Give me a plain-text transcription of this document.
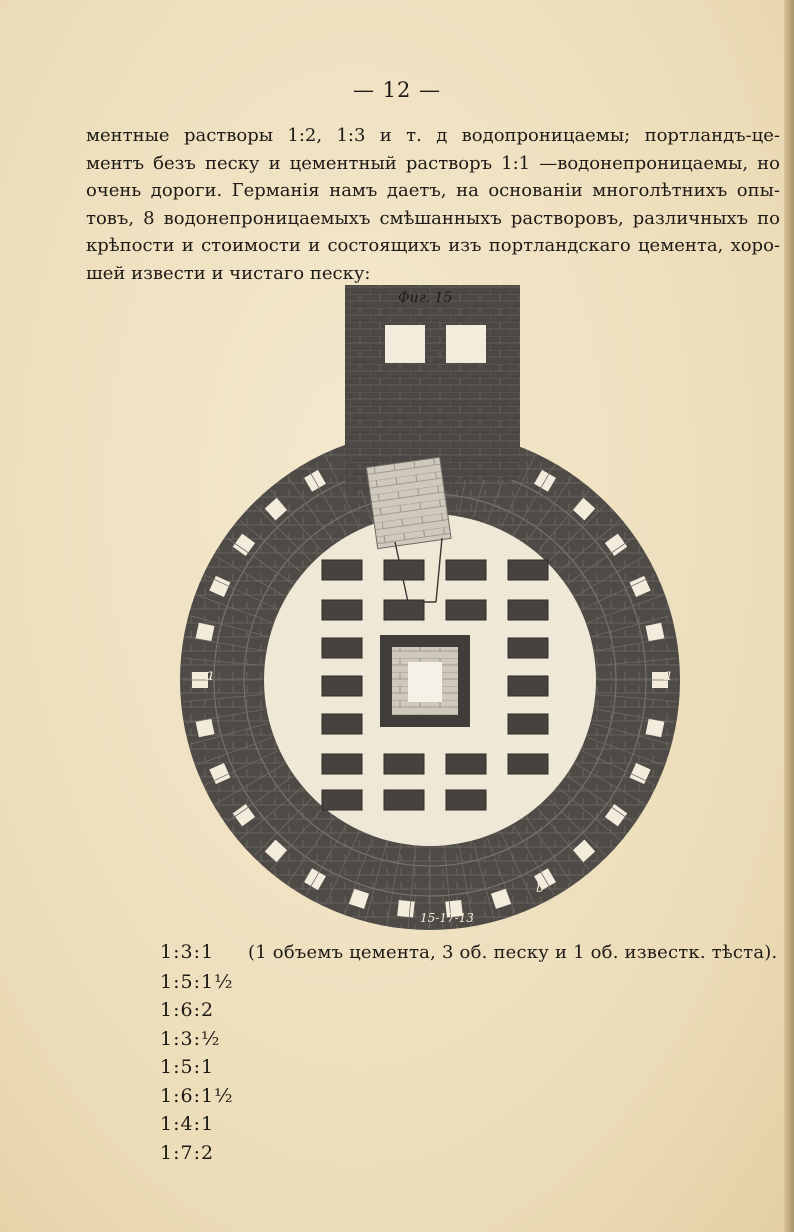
— 12 —
ментные растворы 1:2, 1:3 и т. д водопроницаемы; портландъ-це-
ментъ безъ песку и цементный растворъ 1:1 —водонепроницаемы, но
очень дороги. Германія намъ даетъ, на основаніи многолѣтнихъ опы-
товъ, 8 водонепроницаемыхъ смѣшанныхъ растворовъ, различныхъ по
крѣпости и стоимости и состоящихъ изъ портландскаго цемента, хоро-
шей извести и чистаго песку:
Фиг. 15
a	a
15-17-13
b
1:3:1 (1 объемъ цемента, 3 об. песку и 1 об. известк. тѣста).
1:5:1½
1:6:2
1:3:½
1:5:1
1:6:1½
1:4:1
1:7:2
